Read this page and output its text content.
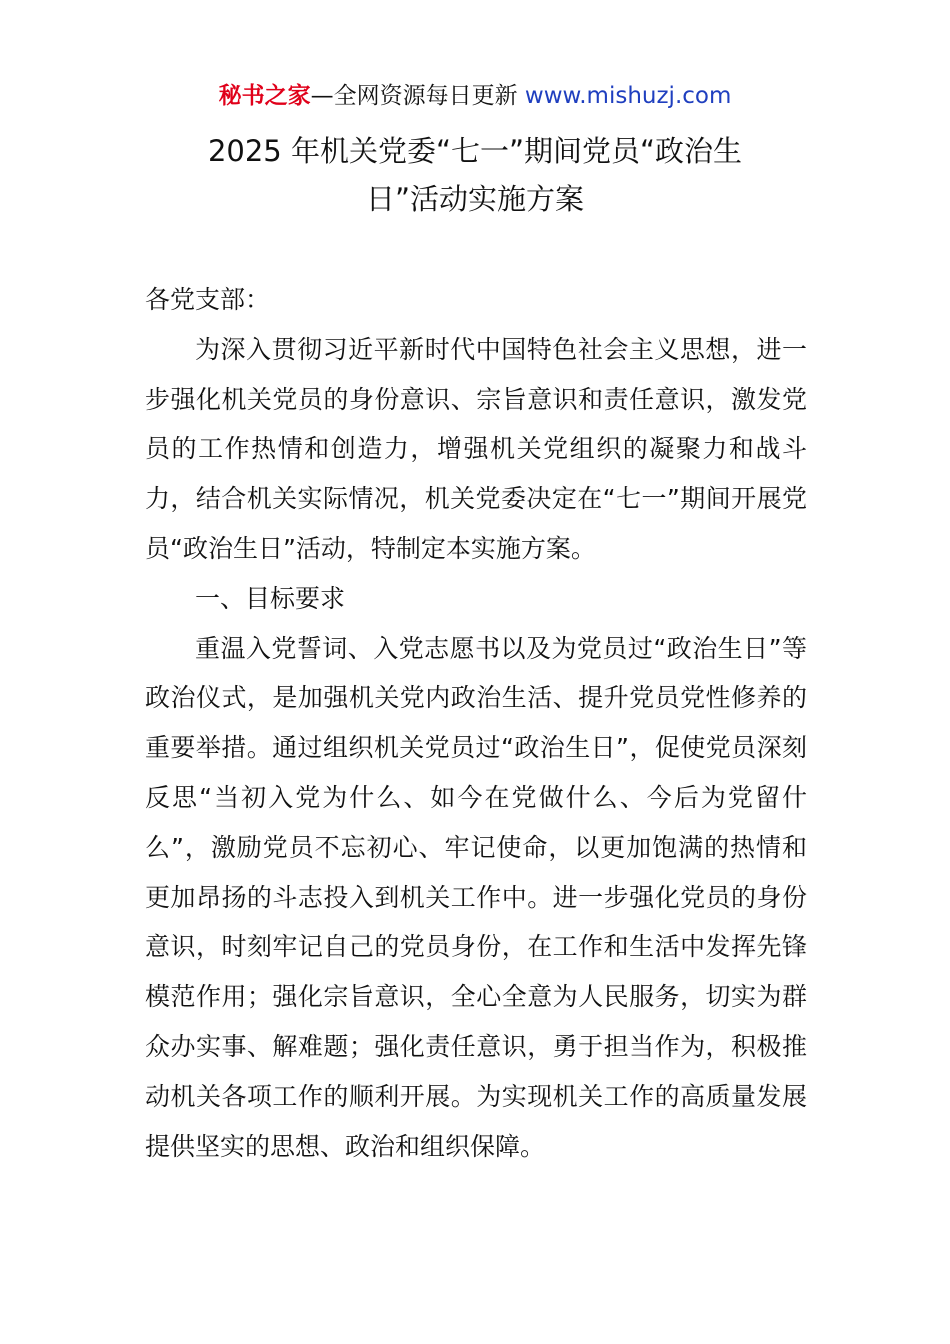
秘书之家—全网资源每日更新 www.mishuzj.com
2025 年机关党委“七一”期间党员“政治生
日”活动实施方案

各党支部：

为深入贯彻习近平新时代中国特色社会主义思想，进一步强化机关党员的身份意识、宗旨意识和责任意识，激发党员的工作热情和创造力，增强机关党组织的凝聚力和战斗力，结合机关实际情况，机关党委决定在“七一”期间开展党员“政治生日”活动，特制定本实施方案。

一、目标要求

重温入党誓词、入党志愿书以及为党员过“政治生日”等政治仪式，是加强机关党内政治生活、提升党员党性修养的重要举措。通过组织机关党员过“政治生日”，促使党员深刻反思“当初入党为什么、如今在党做什么、今后为党留什么”，激励党员不忘初心、牢记使命，以更加饱满的热情和更加昂扬的斗志投入到机关工作中。进一步强化党员的身份意识，时刻牢记自己的党员身份，在工作和生活中发挥先锋模范作用；强化宗旨意识，全心全意为人民服务，切实为群众办实事、解难题；强化责任意识，勇于担当作为，积极推动机关各项工作的顺利开展。为实现机关工作的高质量发展提供坚实的思想、政治和组织保障。
